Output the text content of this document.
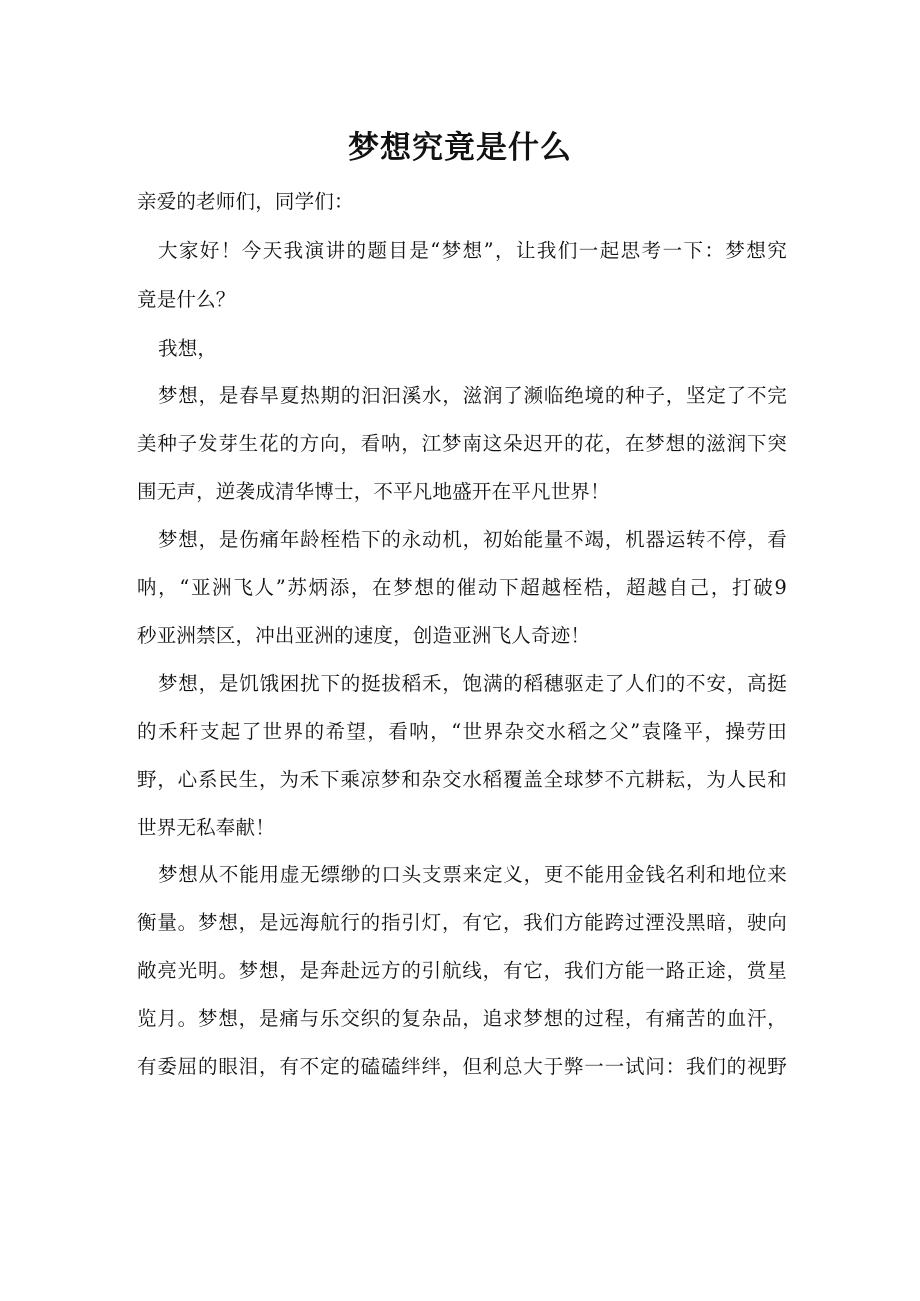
梦想究竟是什么
亲爱的老师们，同学们：
大家好！今天我演讲的题目是“梦想”，让我们一起思考一下：梦想究
竟是什么？
我想，
梦想，是春旱夏热期的汩汩溪水，滋润了濒临绝境的种子，坚定了不完
美种子发芽生花的方向，看呐，江梦南这朵迟开的花，在梦想的滋润下突
围无声，逆袭成清华博士，不平凡地盛开在平凡世界！
梦想，是伤痛年龄桎梏下的永动机，初始能量不竭，机器运转不停，看
呐，“亚洲飞人”苏炳添，在梦想的催动下超越桎梏，超越自己，打破9
秒亚洲禁区，冲出亚洲的速度，创造亚洲飞人奇迹！
梦想，是饥饿困扰下的挺拔稻禾，饱满的稻穗驱走了人们的不安，高挺
的禾秆支起了世界的希望，看呐，“世界杂交水稻之父”袁隆平，操劳田
野，心系民生，为禾下乘凉梦和杂交水稻覆盖全球梦不亢耕耘，为人民和
世界无私奉献！
梦想从不能用虚无缥缈的口头支票来定义，更不能用金钱名利和地位来
衡量。梦想，是远海航行的指引灯，有它，我们方能跨过湮没黑暗，驶向
敞亮光明。梦想，是奔赴远方的引航线，有它，我们方能一路正途，赏星
览月。梦想，是痛与乐交织的复杂品，追求梦想的过程，有痛苦的血汗，
有委屈的眼泪，有不定的磕磕绊绊，但利总大于弊一一试问：我们的视野
